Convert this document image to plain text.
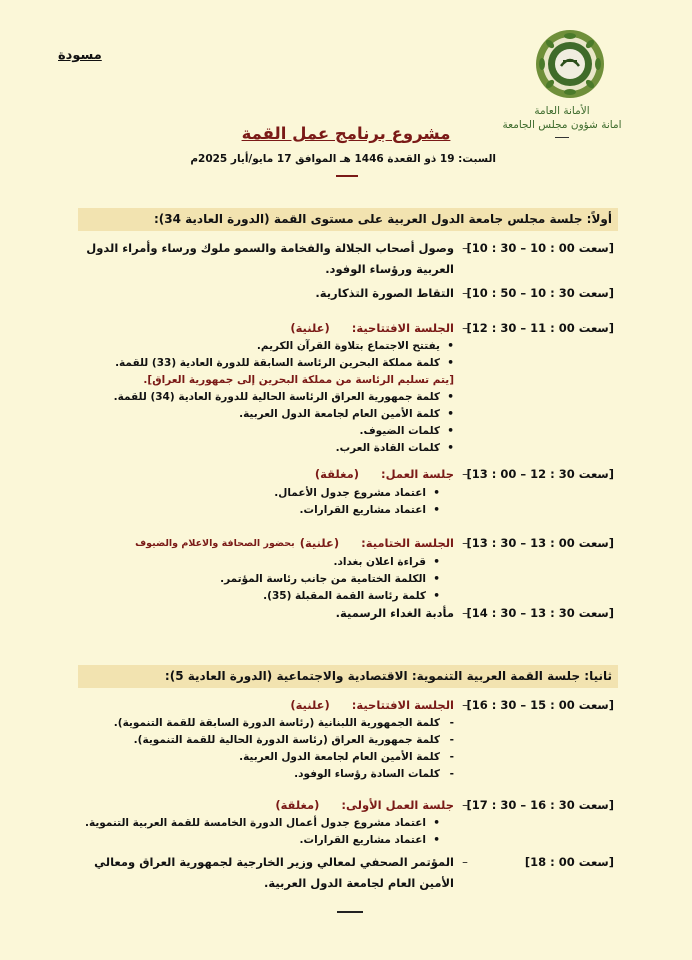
مسودة
الأمانة العامة
امانة شؤون مجلس الجامعة
مشروع برنامج عمل القمة
السبت: 19 ذو القعدة 1446 هـ الموافق 17 مايو/أيار 2025م
أولاً: جلسة مجلس جامعة الدول العربية على مستوى القمة (الدورة العادية 34):
[سعت 00 : 10 – 30 : 10]
–
وصول أصحاب الجلالة والفخامة والسمو ملوك ورساء وأمراء الدول العربية ورؤساء الوفود.
[سعت 30 : 10 – 50 : 10]
–
التقاط الصورة التذكارية.
[سعت 00 : 11 – 30 : 12]
–
الجلسة الافتتاحية:
(علنية)
• يفتتح الاجتماع بتلاوة القرآن الكريم.
• كلمة مملكة البحرين الرئاسة السابقة للدورة العادية (33) للقمة.
[يتم تسليم الرئاسة من مملكة البحرين إلى جمهورية العراق].
• كلمة جمهورية العراق الرئاسة الحالية للدورة العادية (34) للقمة.
• كلمة الأمين العام لجامعة الدول العربية.
• كلمات الضيوف.
• كلمات القادة العرب.
[سعت 30 : 12 – 00 : 13]
–
جلسة العمل:
(مغلقة)
• اعتماد مشروع جدول الأعمال.
• اعتماد مشاريع القرارات.
[سعت 00 : 13 – 30 : 13]
–
الجلسة الختامية:
(علنية)
بحضور الصحافة والاعلام والضيوف
• قراءة اعلان بغداد.
• الكلمة الختامية من جانب رئاسة المؤتمر.
• كلمة رئاسة القمة المقبلة (35).
[سعت 30 : 13 – 30 : 14]
–
مأدبة الغداء الرسمية.
ثانيا: جلسة القمة العربية التنموية: الاقتصادية والاجتماعية (الدورة العادية 5):
[سعت 00 : 15 – 30 : 16]
–
الجلسة الافتتاحية:
(علنية)
- كلمة الجمهورية اللبنانية (رئاسة الدورة السابقة للقمة التنموية).
- كلمة جمهورية العراق (رئاسة الدورة الحالية للقمة التنموية).
- كلمة الأمين العام لجامعة الدول العربية.
- كلمات السادة رؤساء الوفود.
[سعت 30 : 16 – 30 : 17]
–
جلسة العمل الأولى:
(مغلقة)
• اعتماد مشروع جدول أعمال الدورة الخامسة للقمة العربية التنموية.
• اعتماد مشاريع القرارات.
[سعت 00 : 18]
–
المؤتمر الصحفي لمعالي وزير الخارجية لجمهورية العراق ومعالي الأمين العام لجامعة الدول العربية.
